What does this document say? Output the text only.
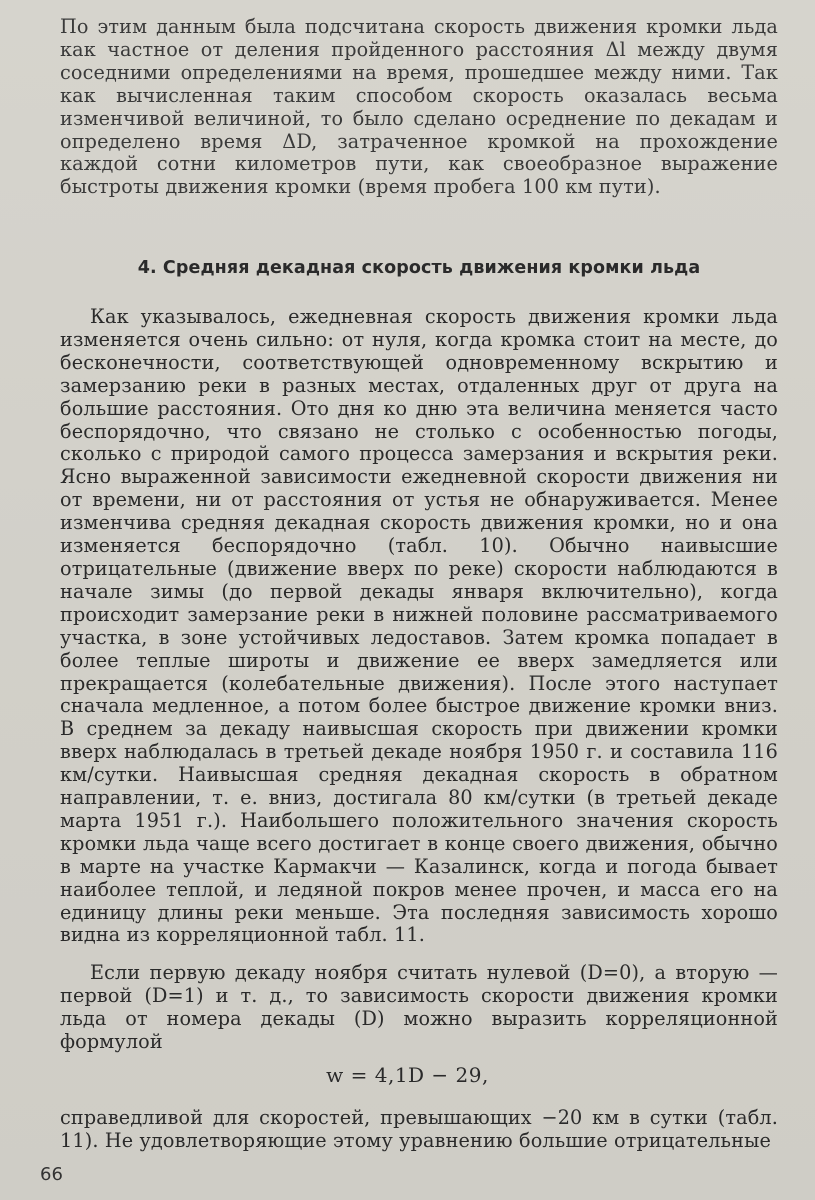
По этим данным была подсчитана скорость движения кромки льда как частное от деления пройденного расстояния Δl между двумя соседними определениями на время, прошедшее между ними. Так как вычисленная таким способом скорость оказалась весьма изменчивой величиной, то было сделано осреднение по декадам и определено время ΔD, затраченное кромкой на прохождение каждой сотни километров пути, как своеобразное выражение быстроты движения кромки (время пробега 100 км пути).

4. Средняя декадная скорость движения кромки льда

Как указывалось, ежедневная скорость движения кромки льда изменяется очень сильно: от нуля, когда кромка стоит на месте, до бесконечности, соответствующей одновременному вскрытию и замерзанию реки в разных местах, отдаленных друг от друга на большие расстояния. Ото дня ко дню эта величина меняется часто беспорядочно, что связано не столько с особенностью погоды, сколько с природой самого процесса замерзания и вскрытия реки. Ясно выраженной зависимости ежедневной скорости движения ни от времени, ни от расстояния от устья не обнаруживается. Менее изменчива средняя декадная скорость движения кромки, но и она изменяется беспорядочно (табл. 10). Обычно наивысшие отрицательные (движение вверх по реке) скорости наблюдаются в начале зимы (до первой декады января включительно), когда происходит замерзание реки в нижней половине рассматриваемого участка, в зоне устойчивых ледоставов. Затем кромка попадает в более теплые широты и движение ее вверх замедляется или прекращается (колебательные движения). После этого наступает сначала медленное, а потом более быстрое движение кромки вниз. В среднем за декаду наивысшая скорость при движении кромки вверх наблюдалась в третьей декаде ноября 1950 г. и составила 116 км/сутки. Наивысшая средняя декадная скорость в обратном направлении, т. е. вниз, достигала 80 км/сутки (в третьей декаде марта 1951 г.). Наибольшего положительного значения скорость кромки льда чаще всего достигает в конце своего движения, обычно в марте на участке Кармакчи — Казалинск, когда и погода бывает наиболее теплой, и ледяной покров менее прочен, и масса его на единицу длины реки меньше. Эта последняя зависимость хорошо видна из корреляционной табл. 11.

Если первую декаду ноября считать нулевой (D=0), а вторую — первой (D=1) и т. д., то зависимость скорости движения кромки льда от номера декады (D) можно выразить корреляционной формулой

w = 4,1D − 29,

справедливой для скоростей, превышающих −20 км в сутки (табл. 11). Не удовлетворяющие этому уравнению большие отрицательные

66
